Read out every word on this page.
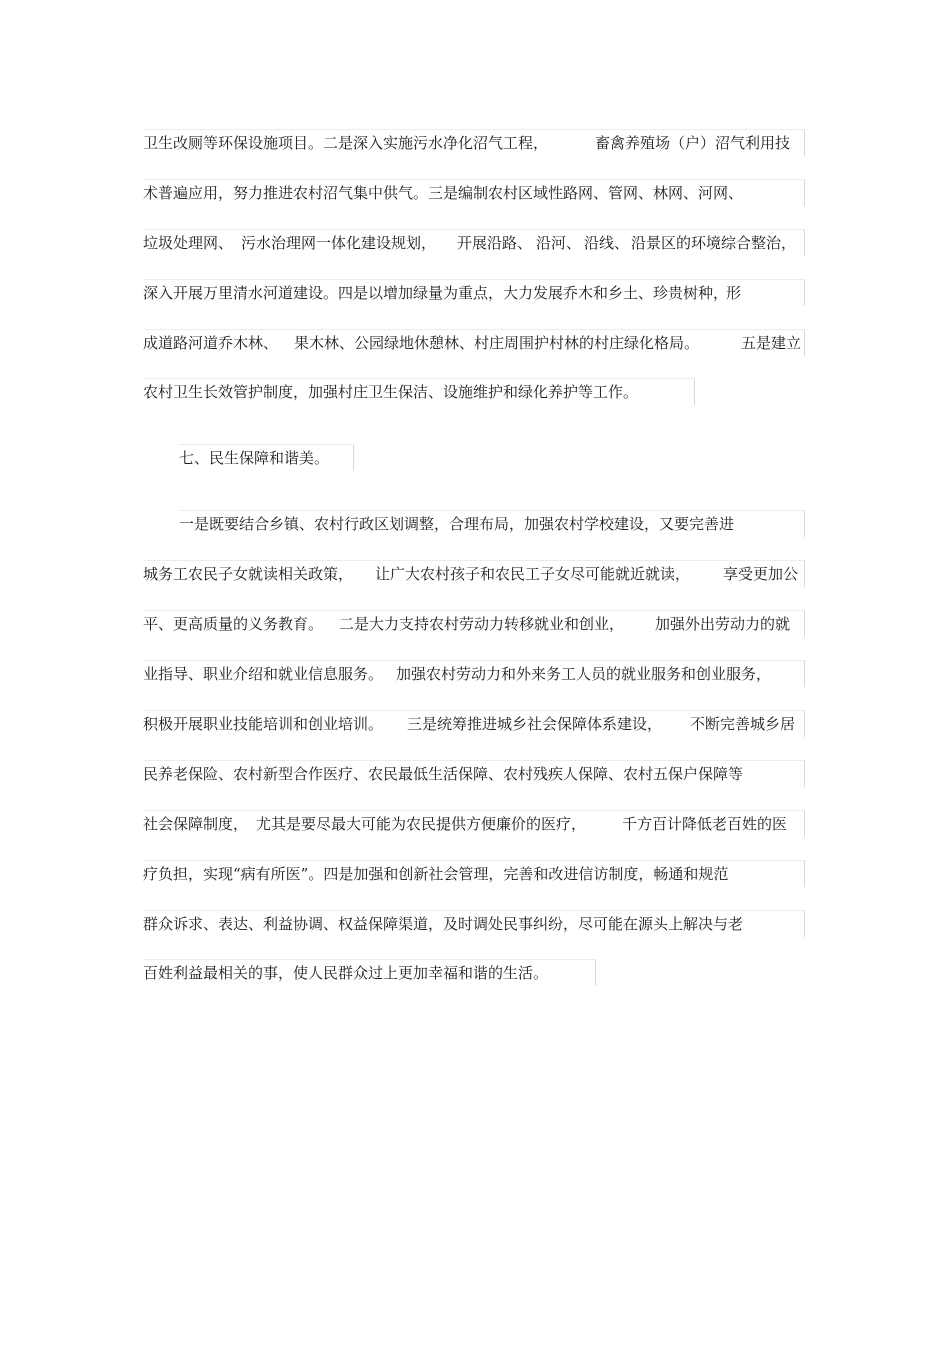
卫生改厕等环保设施项目。二是深入实施污水净化沼气工程，	畜禽养殖场（户）沼气利用技
术普遍应用，努力推进农村沼气集中供气。三是编制农村区域性路网、管网、林网、河网、
垃圾处理网、 污水治理网一体化建设规划， 开展沿路、 沿河、 沿线、 沿景区的环境综合整治，
深入开展万里清水河道建设。四是以增加绿量为重点，大力发展乔木和乡土、珍贵树种，
形
成道路河道乔木林、 果木林、公园绿地休憩林、村庄周围护村林的村庄绿化格局。	五是建立
农村卫生长效管护制度，加强村庄卫生保洁、设施维护和绿化养护等工作。
七、民生保障和谐美。
一是既要结合乡镇、农村行政区划调整，合理布局，加强农村学校建设，又要完善进
城务工农民子女就读相关政策， 让广大农村孩子和农民工子女尽可能就近就读， 享受更加公
平、更高质量的义务教育。 二是大力支持农村劳动力转移就业和创业， 加强外出劳动力的就
业指导、职业介绍和就业信息服务。 加强农村劳动力和外来务工人员的就业服务和创业服务，
积极开展职业技能培训和创业培训。 三是统筹推进城乡社会保障体系建设， 不断完善城乡居
民养老保险、农村新型合作医疗、农民最低生活保障、农村残疾人保障、农村五保户保障等
社会保障制度， 尤其是要尽最大可能为农民提供方便廉价的医疗， 千方百计降低老百姓的医
疗负担，实现“病有所医”。四是加强和创新社会管理，完善和改进信访制度，畅通和规范
群众诉求、表达、利益协调、权益保障渠道，及时调处民事纠纷，尽可能在源头上解决与老
百姓利益最相关的事，使人民群众过上更加幸福和谐的生活。
